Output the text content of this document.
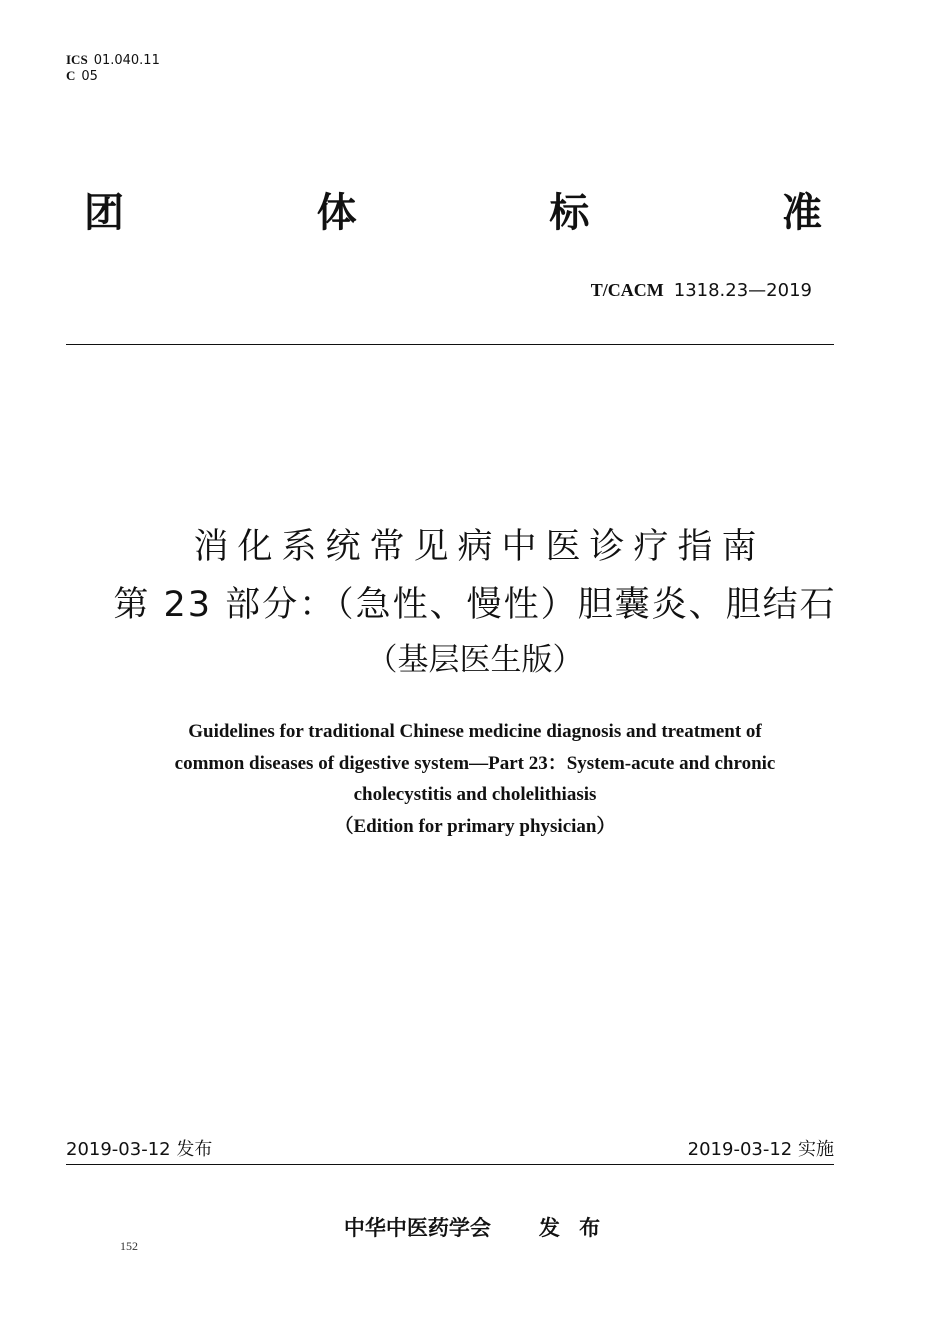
ICS 01.040.11
C 05
团	体	标	准
T/CACM 1318.23—2019
消化系统常见病中医诊疗指南
第 23 部分：（急性、慢性）胆囊炎、胆结石
（基层医生版）
Guidelines for traditional Chinese medicine diagnosis and treatment of
common diseases of digestive system—Part 23：System-acute and chronic
cholecystitis and cholelithiasis
（Edition for primary physician）
2019-03-12 发布	2019-03-12 实施
中华中医药学会 发 布
152
